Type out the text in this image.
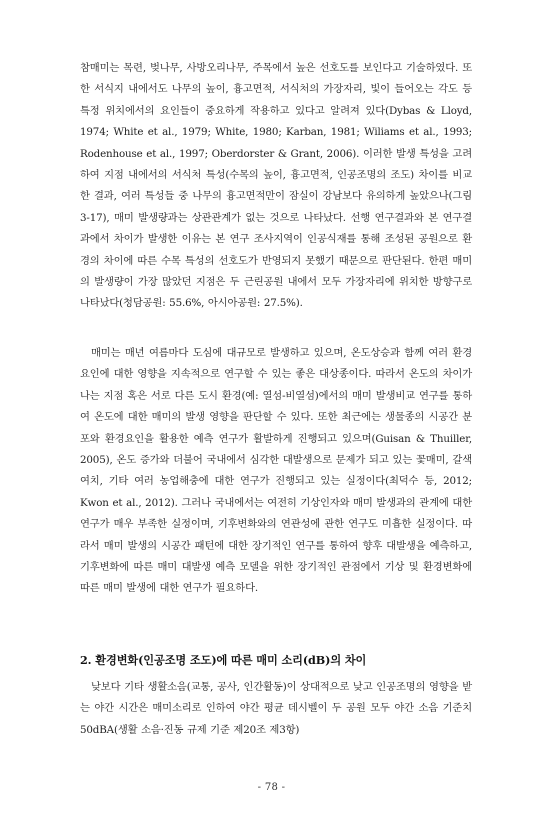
참매미는 목련, 벚나무, 사방오리나무, 주목에서 높은 선호도를 보인다고 기술하였다. 또한 서식지 내에서도 나무의 높이, 흉고면적, 서식처의 가장자리, 빛이 들어오는 각도 등 특정 위치에서의 요인들이 중요하게 작용하고 있다고 알려져 있다(Dybas & Lloyd, 1974; White et al., 1979; White, 1980; Karban, 1981; Wiliams et al., 1993; Rodenhouse et al., 1997; Oberdorster & Grant, 2006). 이러한 발생 특성을 고려하여 지점 내에서의 서식처 특성(수목의 높이, 흉고면적, 인공조명의 조도) 차이를 비교한 결과, 여러 특성들 중 나무의 흉고면적만이 잠실이 강남보다 유의하게 높았으나(그림3-17), 매미 발생량과는 상관관계가 없는 것으로 나타났다. 선행 연구결과와 본 연구결과에서 차이가 발생한 이유는 본 연구 조사지역이 인공식재를 통해 조성된 공원으로 환경의 차이에 따른 수목 특성의 선호도가 반영되지 못했기 때문으로 판단된다. 한편 매미의 발생량이 가장 많았던 지점은 두 근린공원 내에서 모두 가장자리에 위치한 방향구로 나타났다(청담공원: 55.6%, 아시아공원: 27.5%).

매미는 매년 여름마다 도심에 대규모로 발생하고 있으며, 온도상승과 함께 여러 환경요인에 대한 영향을 지속적으로 연구할 수 있는 좋은 대상종이다. 따라서 온도의 차이가 나는 지점 혹은 서로 다른 도시 환경(예: 열섬-비열섬)에서의 매미 발생비교 연구를 통하여 온도에 대한 매미의 발생 영향을 판단할 수 있다. 또한 최근에는 생물종의 시공간 분포와 환경요인을 활용한 예측 연구가 활발하게 진행되고 있으며(Guisan & Thuiller, 2005), 온도 증가와 더불어 국내에서 심각한 대발생으로 문제가 되고 있는 꽃매미, 갈색여치, 기타 여러 농업해충에 대한 연구가 진행되고 있는 실정이다(최덕수 등, 2012; Kwon et al., 2012). 그러나 국내에서는 여전히 기상인자와 매미 발생과의 관계에 대한 연구가 매우 부족한 실정이며, 기후변화와의 연관성에 관한 연구도 미흡한 실정이다. 따라서 매미 발생의 시공간 패턴에 대한 장기적인 연구를 통하여 향후 대발생을 예측하고, 기후변화에 따른 매미 대발생 예측 모델을 위한 장기적인 관점에서 기상 및 환경변화에 따른 매미 발생에 대한 연구가 필요하다.

2. 환경변화(인공조명 조도)에 따른 매미 소리(dB)의 차이

낮보다 기타 생활소음(교통, 공사, 인간활동)이 상대적으로 낮고 인공조명의 영향을 받는 야간 시간은 매미소리로 인하여 야간 평균 데시벨이 두 공원 모두 야간 소음 기준치 50dBA(생활 소음·진동 규제 기준 제20조 제3항)

- 78 -
